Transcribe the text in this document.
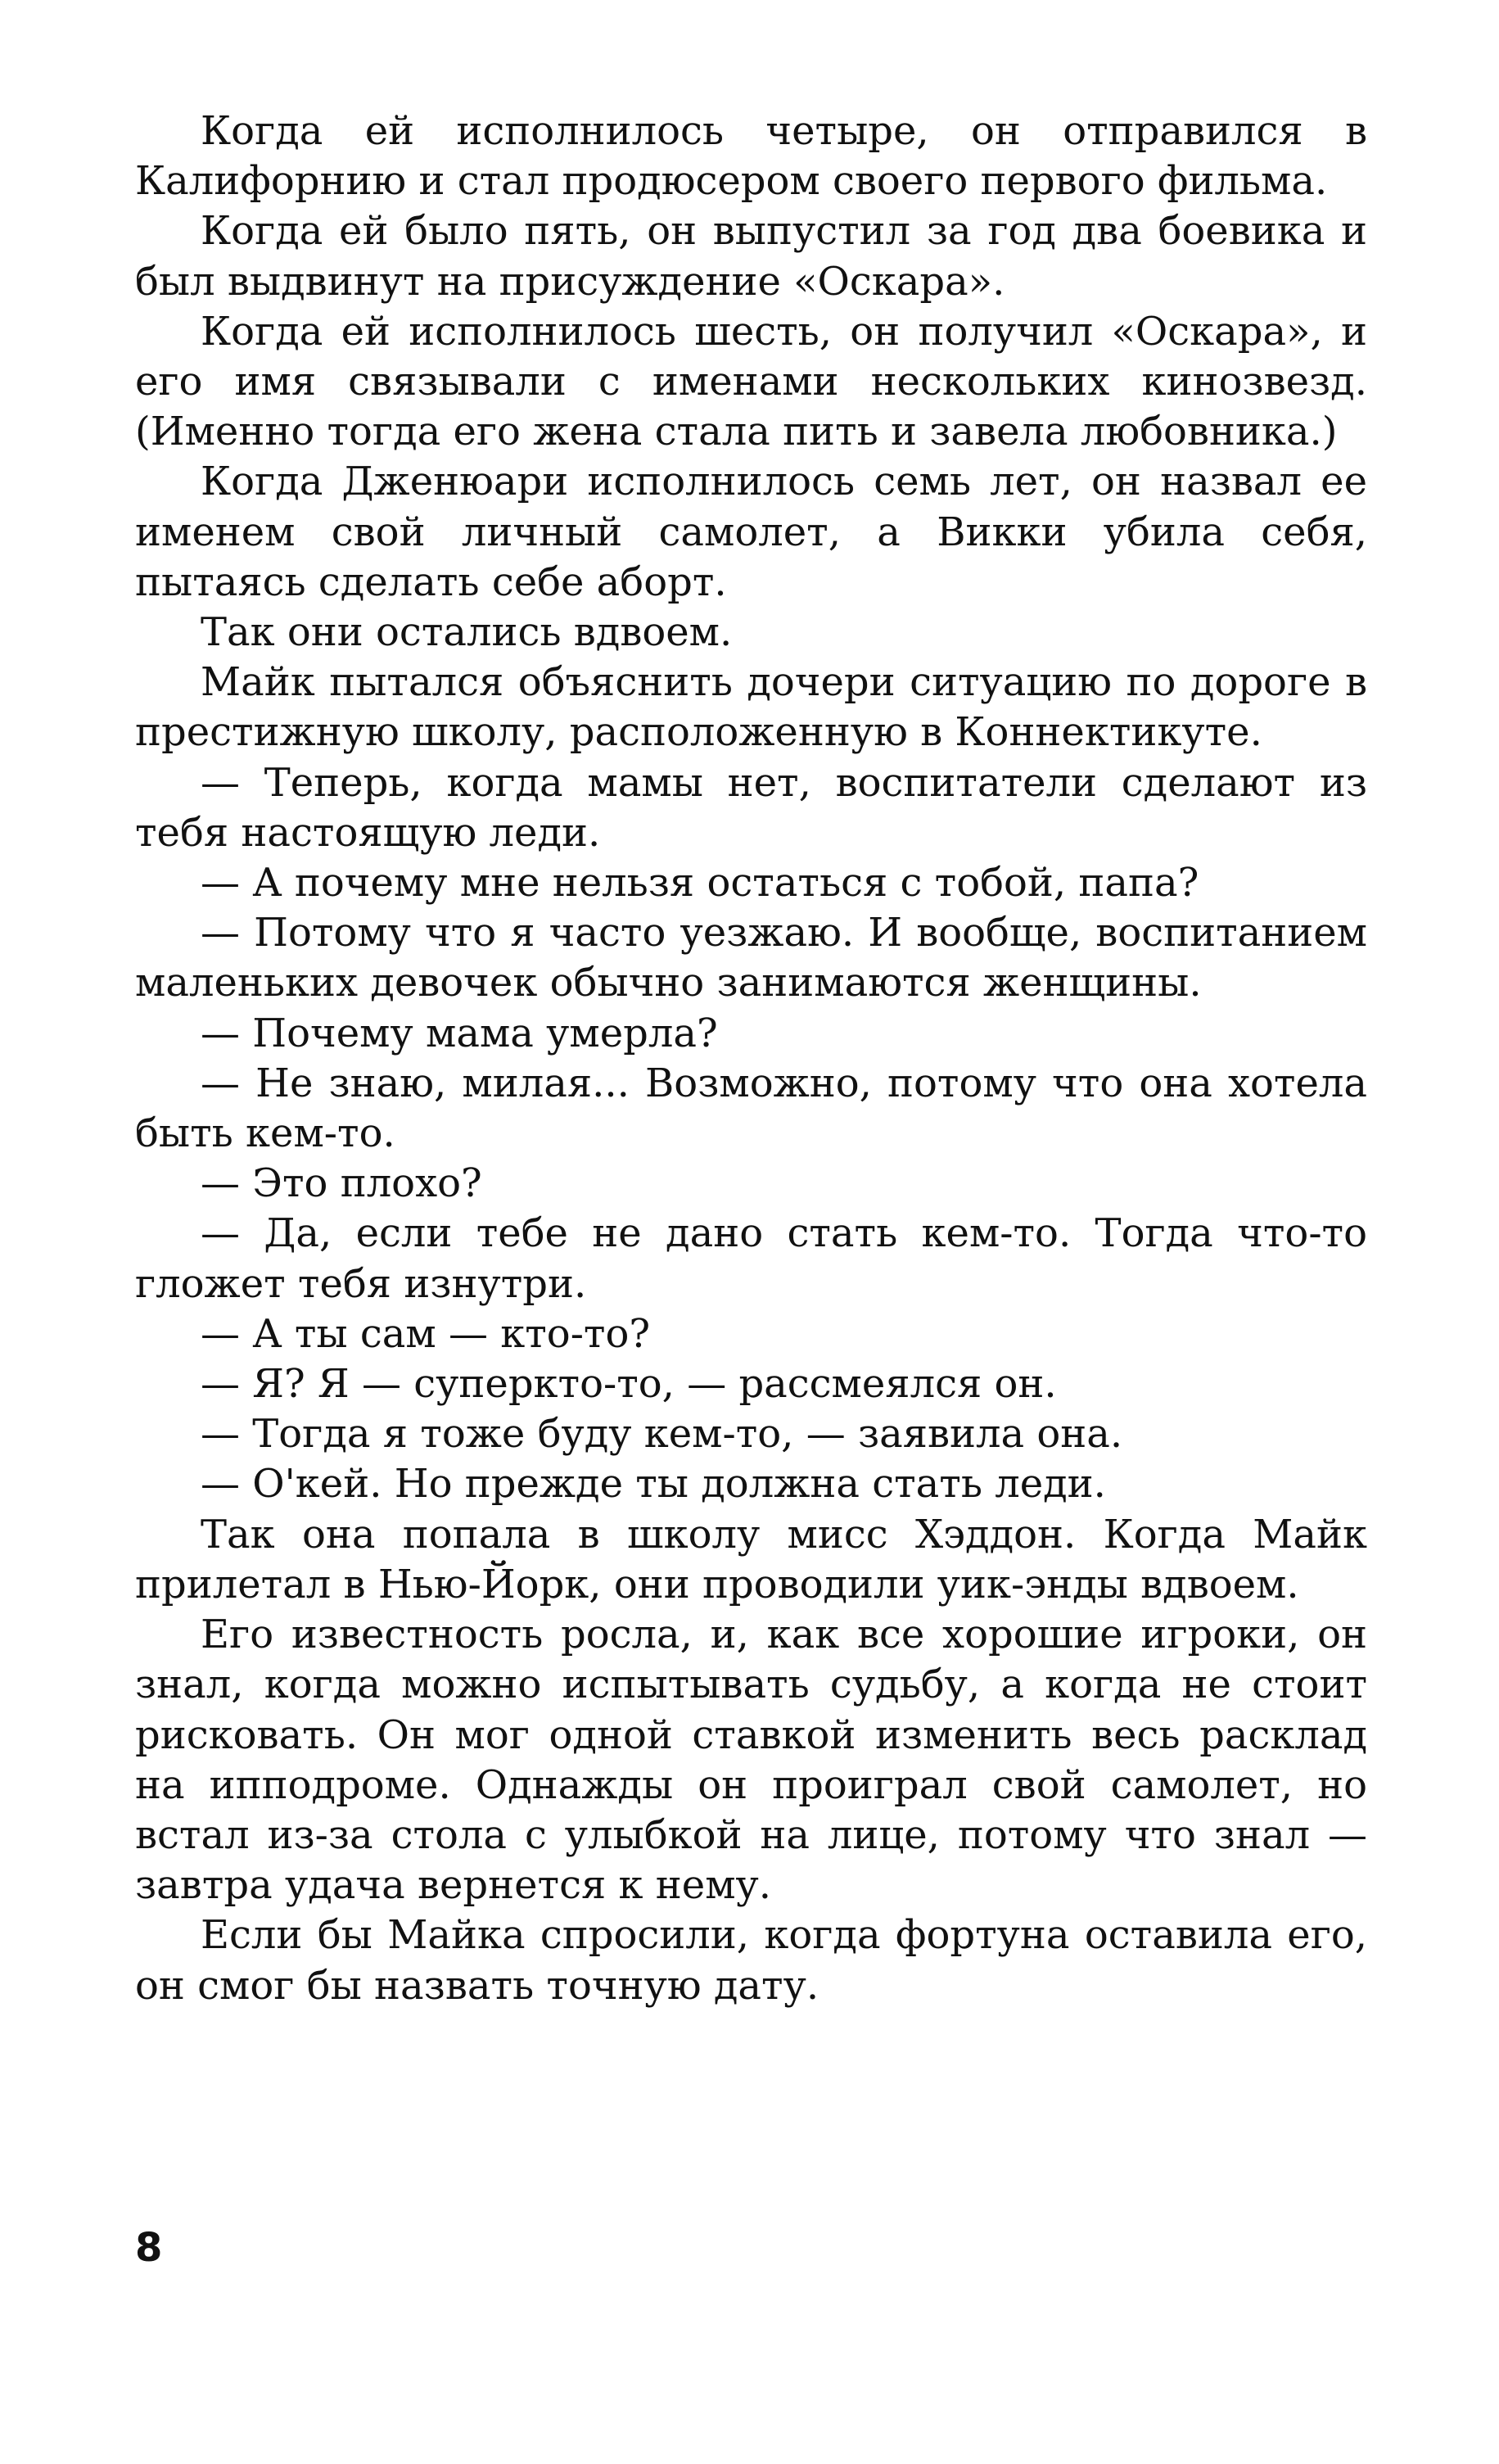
Когда ей исполнилось четыре, он отправился в Калифорнию и стал продюсером своего первого фильма.

Когда ей было пять, он выпустил за год два боевика и был выдвинут на присуждение «Оскара».

Когда ей исполнилось шесть, он получил «Оскара», и его имя связывали с именами нескольких кинозвезд. (Именно тогда его жена стала пить и завела любовника.)

Когда Дженюари исполнилось семь лет, он назвал ее именем свой личный самолет, а Викки убила себя, пытаясь сделать себе аборт.

Так они остались вдвоем.

Майк пытался объяснить дочери ситуацию по дороге в престижную школу, расположенную в Коннектикуте.

— Теперь, когда мамы нет, воспитатели сделают из тебя настоящую леди.

— А почему мне нельзя остаться с тобой, папа?

— Потому что я часто уезжаю. И вообще, воспитанием маленьких девочек обычно занимаются женщины.

— Почему мама умерла?

— Не знаю, милая... Возможно, потому что она хотела быть кем-то.

— Это плохо?

— Да, если тебе не дано стать кем-то. Тогда что-то гложет тебя изнутри.

— А ты сам — кто-то?

— Я? Я — суперкто-то, — рассмеялся он.

— Тогда я тоже буду кем-то, — заявила она.

— О'кей. Но прежде ты должна стать леди.

Так она попала в школу мисс Хэддон. Когда Майк прилетал в Нью-Йорк, они проводили уик-энды вдвоем.

Его известность росла, и, как все хорошие игроки, он знал, когда можно испытывать судьбу, а когда не стоит рисковать. Он мог одной ставкой изменить весь расклад на ипподроме. Однажды он проиграл свой самолет, но встал из-за стола с улыбкой на лице, потому что знал — завтра удача вернется к нему.

Если бы Майка спросили, когда фортуна оставила его, он смог бы назвать точную дату.

8
